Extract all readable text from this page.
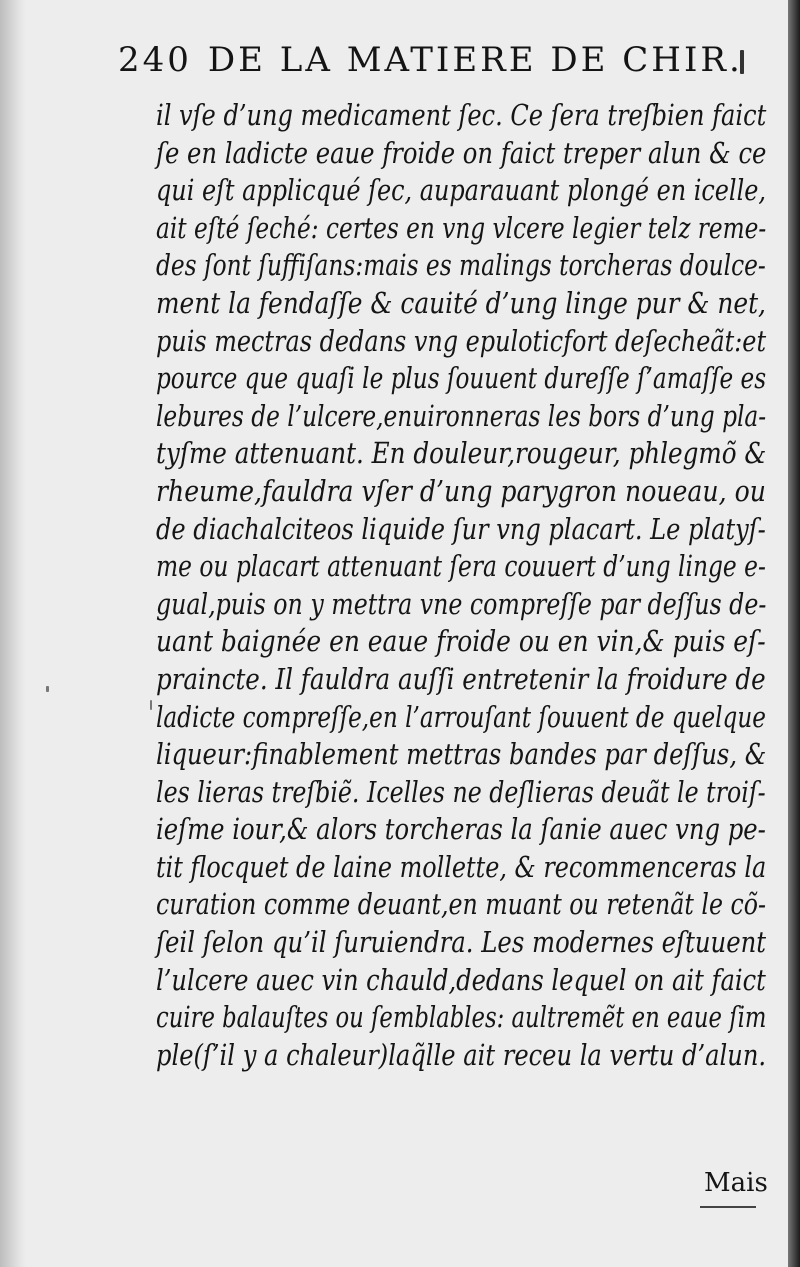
240 DE LA MATIERE DE CHIR.
il vſe d’ung medicament ſec. Ce ſera treſbien faict
ſe en ladicte eaue froide on faict treper alun & ce
qui eſt applicqué ſec, auparauant plongé en icelle,
ait eſté ſeché: certes en vng vlcere legier telz reme-
des ſont ſuffiſans:mais es malings torcheras doulce-
ment la fendaſſe & cauité d’ung linge pur & net,
puis mectras dedans vng epuloticfort deſecheãt:et
pource que quaſi le plus ſouuent dureſſe ſ’amaſſe es
lebures de l’ulcere,enuironneras les bors d’ung pla-
tyſme attenuant. En douleur,rougeur, phlegmõ &
rheume,fauldra vſer d’ung parygron noueau, ou
de diachalciteos liquide ſur vng placart. Le platyſ-
me ou placart attenuant ſera couuert d’ung linge e-
gual,puis on y mettra vne compreſſe par deſſus de-
uant baignée en eaue froide ou en vin,& puis eſ-
praincte. Il fauldra auſſi entretenir la froidure de
ladicte compreſſe,en l’arrouſant ſouuent de quelque
liqueur:finablement mettras bandes par deſſus, &
les lieras treſbiẽ. Icelles ne deſlieras deuãt le troiſ-
ieſme iour,& alors torcheras la ſanie auec vng pe-
tit flocquet de laine mollette, & recommenceras la
curation comme deuant,en muant ou retenãt le cõ-
ſeil ſelon qu’il ſuruiendra. Les modernes eſtuuent
l’ulcere auec vin chauld,dedans lequel on ait faict
cuire balauſtes ou ſemblables: aultremẽt en eaue ſim
ple(ſ’il y a chaleur)laq̃lle ait receu la vertu d’alun.
Mais
